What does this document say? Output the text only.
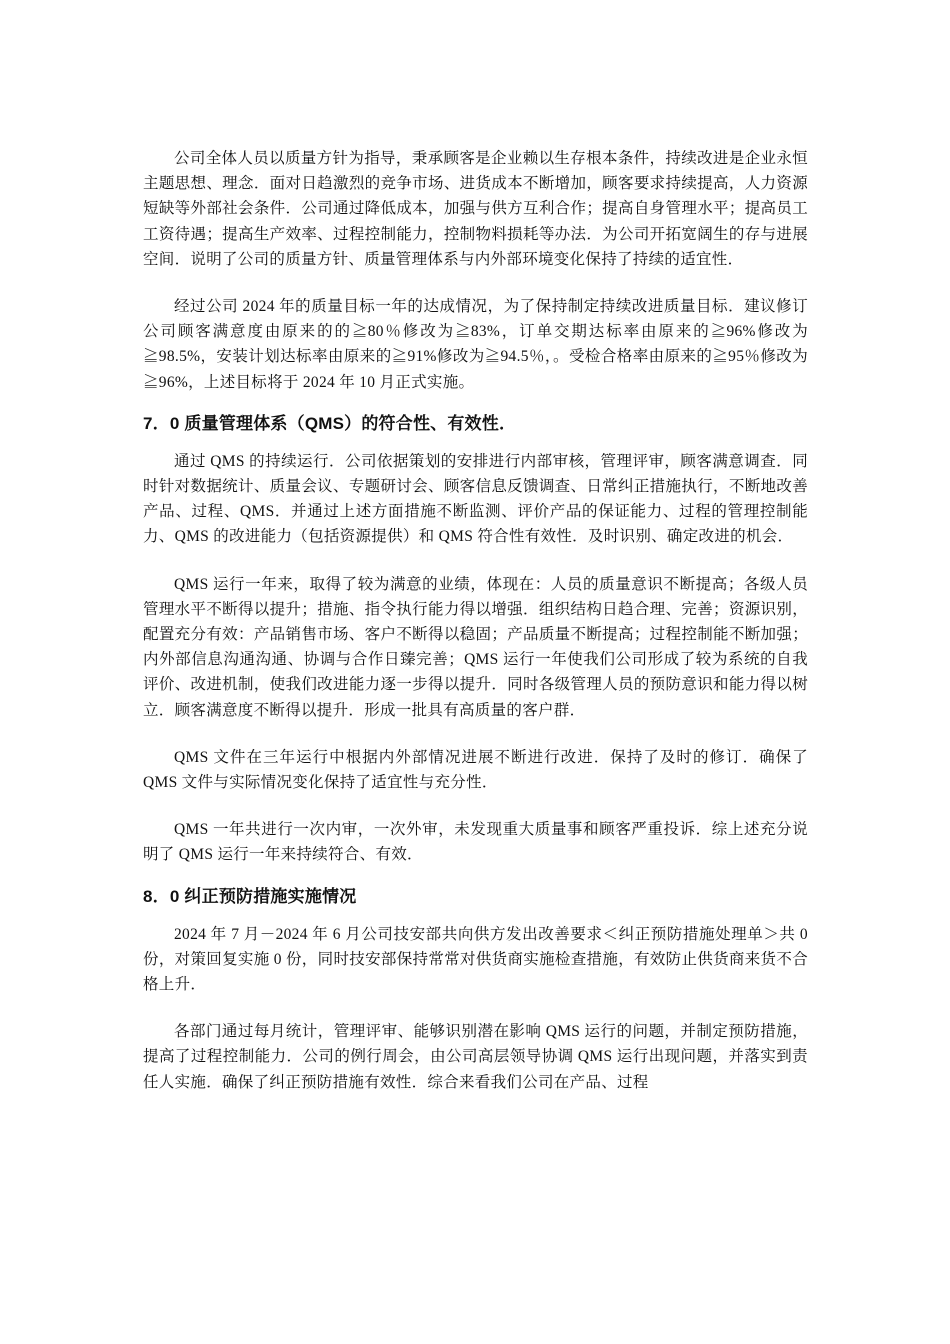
公司全体人员以质量方针为指导，秉承顾客是企业赖以生存根本条件，持续改进是企业永恒主题思想、理念．面对日趋激烈的竞争市场、进货成本不断增加，顾客要求持续提高，人力资源短缺等外部社会条件．公司通过降低成本，加强与供方互利合作；提高自身管理水平；提高员工工资待遇；提高生产效率、过程控制能力，控制物料损耗等办法．为公司开拓宽阔生的存与进展空间．说明了公司的质量方针、质量管理体系与内外部环境变化保持了持续的适宜性．

经过公司 2024 年的质量目标一年的达成情况，为了保持制定持续改进质量目标．建议修订公司顾客满意度由原来的的≧80％修改为≧83%，订单交期达标率由原来的≧96%修改为≧98.5%，安装计划达标率由原来的≧91%修改为≧94.5％，。受检合格率由原来的≧95％修改为≧96%，上述目标将于 2024 年 10 月正式实施。

7．0 质量管理体系（QMS）的符合性、有效性．

通过 QMS 的持续运行．公司依据策划的安排进行内部审核，管理评审，顾客满意调查．同时针对数据统计、质量会议、专题研讨会、顾客信息反馈调查、日常纠正措施执行，不断地改善产品、过程、QMS．并通过上述方面措施不断监测、评价产品的保证能力、过程的管理控制能力、QMS 的改进能力（包括资源提供）和 QMS 符合性有效性．及时识别、确定改进的机会．

QMS 运行一年来，取得了较为满意的业绩，体现在：人员的质量意识不断提高；各级人员管理水平不断得以提升；措施、指令执行能力得以增强．组织结构日趋合理、完善；资源识别，配置充分有效：产品销售市场、客户不断得以稳固；产品质量不断提高；过程控制能不断加强；内外部信息沟通沟通、协调与合作日臻完善；QMS 运行一年使我们公司形成了较为系统的自我评价、改进机制，使我们改进能力逐一步得以提升．同时各级管理人员的预防意识和能力得以树立．顾客满意度不断得以提升．形成一批具有高质量的客户群．

QMS 文件在三年运行中根据内外部情况进展不断进行改进．保持了及时的修订．确保了 QMS 文件与实际情况变化保持了适宜性与充分性．

QMS 一年共进行一次内审，一次外审，未发现重大质量事和顾客严重投诉．综上述充分说明了 QMS 运行一年来持续符合、有效．

8．0 纠正预防措施实施情况

2024 年 7 月－2024 年 6 月公司技安部共向供方发出改善要求＜纠正预防措施处理单＞共 0 份，对策回复实施 0 份，同时技安部保持常常对供货商实施检查措施，有效防止供货商来货不合格上升．

各部门通过每月统计，管理评审、能够识别潜在影响 QMS 运行的问题，并制定预防措施，提高了过程控制能力．公司的例行周会，由公司高层领导协调 QMS 运行出现问题，并落实到责任人实施．确保了纠正预防措施有效性．综合来看我们公司在产品、过程
